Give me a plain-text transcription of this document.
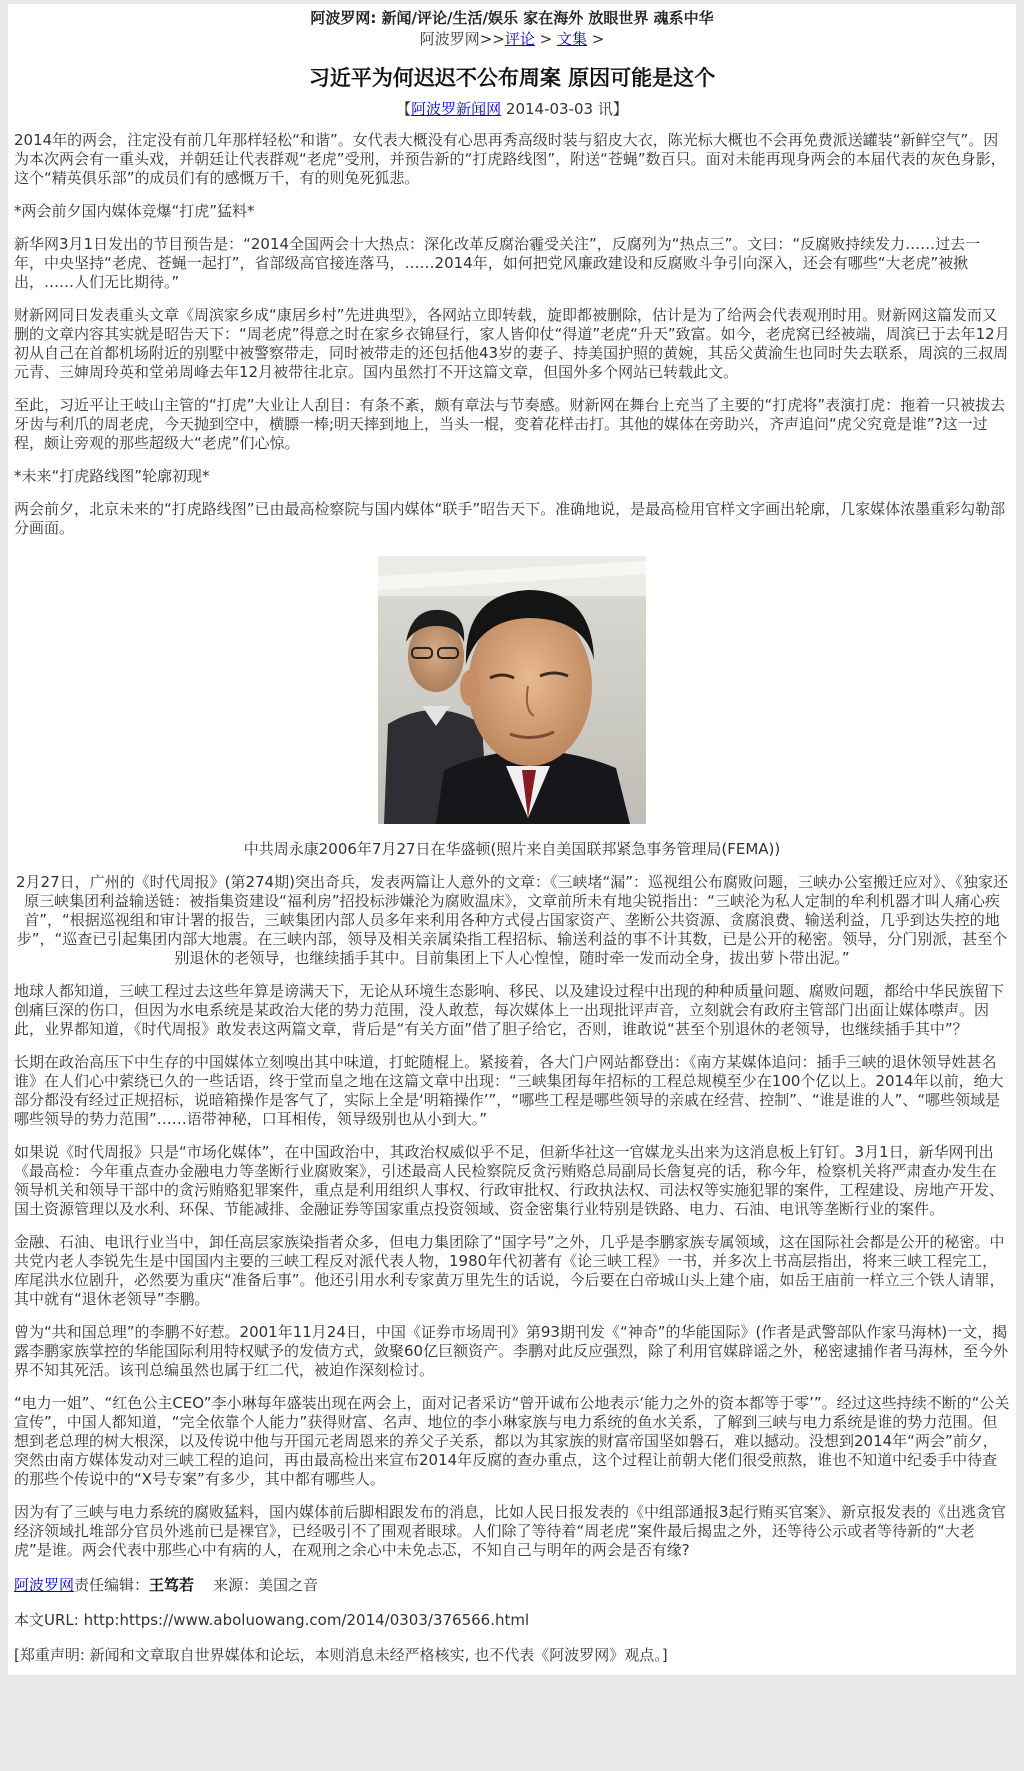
阿波罗网: 新闻/评论/生活/娱乐 家在海外 放眼世界 魂系中华
阿波罗网>>评论 > 文集 >
习近平为何迟迟不公布周案 原因可能是这个
【阿波罗新闻网 2014-03-03 讯】

2014年的两会，注定没有前几年那样轻松“和谐”。女代表大概没有心思再秀高级时装与貂皮大衣，陈光标大概也不会再免费派送罐装“新鲜空气”。因为本次两会有一重头戏，并朝廷让代表群观“老虎”受刑，并预告新的“打虎路线图”，附送“苍蝇”数百只。面对未能再现身两会的本届代表的灰色身影，这个“精英俱乐部”的成员们有的感慨万千，有的则兔死狐悲。

*两会前夕国内媒体竞爆“打虎”猛料*

新华网3月1日发出的节目预告是：“2014全国两会十大热点：深化改革反腐治霾受关注”，反腐列为“热点三”。文曰：“反腐败持续发力……过去一年，中央坚持“老虎、苍蝇一起打”，省部级高官接连落马，……2014年，如何把党风廉政建设和反腐败斗争引向深入，还会有哪些“大老虎”被揪出，……人们无比期待。”

财新网同日发表重头文章《周滨家乡成“康居乡村”先进典型》，各网站立即转载，旋即都被删除，估计是为了给两会代表观刑时用。财新网这篇发而又删的文章内容其实就是昭告天下：“周老虎”得意之时在家乡衣锦昼行，家人皆仰仗“得道”老虎“升天”致富。如今，老虎窝已经被端，周滨已于去年12月初从自己在首都机场附近的别墅中被警察带走，同时被带走的还包括他43岁的妻子、持美国护照的黄婉，其岳父黄渝生也同时失去联系，周滨的三叔周元青、三婶周玲英和堂弟周峰去年12月被带往北京。国内虽然打不开这篇文章，但国外多个网站已转载此文。

至此，习近平让王岐山主管的“打虎”大业让人刮目：有条不紊，颇有章法与节奏感。财新网在舞台上充当了主要的“打虎将”表演打虎：拖着一只被拔去牙齿与利爪的周老虎，今天抛到空中，横膘一棒;明天摔到地上，当头一棍，变着花样击打。其他的媒体在旁助兴，齐声追问“虎父究竟是谁”?这一过程，颇让旁观的那些超级大“老虎”们心惊。

*未来“打虎路线图”轮廓初现*

两会前夕，北京未来的“打虎路线图”已由最高检察院与国内媒体“联手”昭告天下。准确地说，是最高检用官样文字画出轮廓，几家媒体浓墨重彩勾勒部分画面。

中共周永康2006年7月27日在华盛顿(照片来自美国联邦紧急事务管理局(FEMA))

2月27日，广州的《时代周报》(第274期)突出奇兵，发表两篇让人意外的文章：《三峡堵“漏”：巡视组公布腐败问题，三峡办公室搬迁应对》、《独家还原三峡集团利益输送链：被指集资建设“福利房”招投标涉嫌沦为腐败温床》，文章前所未有地尖锐指出：“三峡沦为私人定制的牟利机器才叫人痛心疾首”，“根据巡视组和审计署的报告，三峡集团内部人员多年来利用各种方式侵占国家资产、垄断公共资源、贪腐浪费、输送利益，几乎到达失控的地步”，“巡查已引起集团内部大地震。在三峡内部，领导及相关亲属染指工程招标、输送利益的事不计其数，已是公开的秘密。领导，分门别派，甚至个别退休的老领导，也继续插手其中。目前集团上下人心惶惶，随时牵一发而动全身，拔出萝卜带出泥。”

地球人都知道，三峡工程过去这些年算是谤满天下，无论从环境生态影响、移民、以及建设过程中出现的种种质量问题、腐败问题，都给中华民族留下创痛巨深的伤口，但因为水电系统是某政治大佬的势力范围，没人敢惹，每次媒体上一出现批评声音，立刻就会有政府主管部门出面让媒体噤声。因此，业界都知道，《时代周报》敢发表这两篇文章，背后是“有关方面”借了胆子给它，否则，谁敢说“甚至个别退休的老领导，也继续插手其中”？

长期在政治高压下中生存的中国媒体立刻嗅出其中味道，打蛇随棍上。紧接着，各大门户网站都登出：《南方某媒体追问：插手三峡的退休领导姓甚名谁》在人们心中萦绕已久的一些话语，终于堂而皇之地在这篇文章中出现：“三峡集团每年招标的工程总规模至少在100个亿以上。2014年以前，绝大部分都没有经过正规招标，说暗箱操作是客气了，实际上全是‘明箱操作’”，“哪些工程是哪些领导的亲戚在经营、控制”、“谁是谁的人”、“哪些领域是哪些领导的势力范围”……语带神秘，口耳相传，领导级别也从小到大。”

如果说《时代周报》只是“市场化媒体”，在中国政治中，其政治权威似乎不足，但新华社这一官媒龙头出来为这消息板上钉钉。3月1日，新华网刊出《最高检：今年重点查办金融电力等垄断行业腐败案》，引述最高人民检察院反贪污贿赂总局副局长詹复亮的话，称今年，检察机关将严肃查办发生在领导机关和领导干部中的贪污贿赂犯罪案件，重点是利用组织人事权、行政审批权、行政执法权、司法权等实施犯罪的案件，工程建设、房地产开发、国土资源管理以及水利、环保、节能减排、金融证券等国家重点投资领域、资金密集行业特别是铁路、电力、石油、电讯等垄断行业的案件。

金融、石油、电讯行业当中，卸任高层家族染指者众多，但电力集团除了“国字号”之外，几乎是李鹏家族专属领域，这在国际社会都是公开的秘密。中共党内老人李锐先生是中国国内主要的三峡工程反对派代表人物，1980年代初著有《论三峡工程》一书，并多次上书高层指出，将来三峡工程完工，库尾洪水位剧升，必然要为重庆“准备后事”。他还引用水利专家黄万里先生的话说，今后要在白帝城山头上建个庙，如岳王庙前一样立三个铁人请罪，其中就有“退休老领导”李鹏。

曾为“共和国总理”的李鹏不好惹。2001年11月24日，中国《证券市场周刊》第93期刊发《“神奇”的华能国际》(作者是武警部队作家马海林)一文，揭露李鹏家族掌控的华能国际利用特权赋予的发债方式，敛聚60亿巨额资产。李鹏对此反应强烈，除了利用官媒辟谣之外，秘密逮捕作者马海林，至今外界不知其死活。该刊总编虽然也属于红二代，被迫作深刻检讨。

“电力一姐”、“红色公主CEO”李小琳每年盛装出现在两会上，面对记者采访“曾开诚布公地表示‘能力之外的资本都等于零’”。经过这些持续不断的“公关宣传”，中国人都知道，“完全依靠个人能力”获得财富、名声、地位的李小琳家族与电力系统的鱼水关系，了解到三峡与电力系统是谁的势力范围。但想到老总理的树大根深，以及传说中他与开国元老周恩来的养父子关系，都以为其家族的财富帝国坚如磐石，难以撼动。没想到2014年“两会”前夕，突然由南方媒体发动对三峡工程的追问，再由最高检出来宣布2014年反腐的查办重点，这个过程让前朝大佬们很受煎熬，谁也不知道中纪委手中待查的那些个传说中的“X号专案”有多少，其中都有哪些人。

因为有了三峡与电力系统的腐败猛料，国内媒体前后脚相跟发布的消息，比如人民日报发表的《中组部通报3起行贿买官案》、新京报发表的《出逃贪官经济领域扎堆部分官员外逃前已是裸官》，已经吸引不了围观者眼球。人们除了等待着“周老虎”案件最后揭盅之外，还等待公示或者等待新的“大老虎”是谁。两会代表中那些心中有病的人，在观刑之余心中未免忐忑，不知自己与明年的两会是否有缘?

阿波罗网责任编辑：王笃若 来源：美国之音
本文URL: http:https://www.aboluowang.com/2014/0303/376566.html
[郑重声明: 新闻和文章取自世界媒体和论坛，本则消息未经严格核实, 也不代表《阿波罗网》观点。]
